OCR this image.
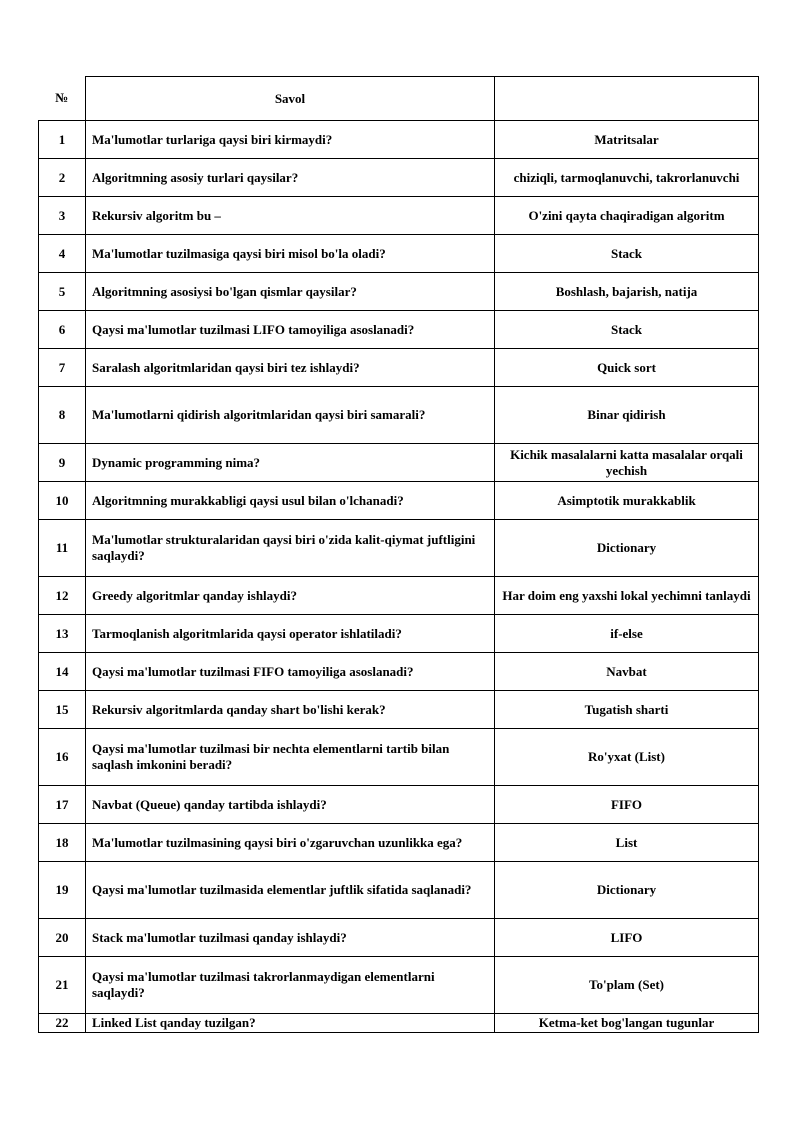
№	Savol	
1	Ma'lumotlar turlariga qaysi biri kirmaydi?	Matritsalar
2	Algoritmning asosiy turlari qaysilar?	chiziqli, tarmoqlanuvchi, takrorlanuvchi
3	Rekursiv algoritm bu –	O'zini qayta chaqiradigan algoritm
4	Ma'lumotlar tuzilmasiga qaysi biri misol bo'la oladi?	Stack
5	Algoritmning asosiysi bo'lgan qismlar qaysilar?	Boshlash, bajarish, natija
6	Qaysi ma'lumotlar tuzilmasi LIFO tamoyiliga asoslanadi?	Stack
7	Saralash algoritmlaridan qaysi biri tez ishlaydi?	Quick sort
8	Ma'lumotlarni qidirish algoritmlaridan qaysi biri samarali?	Binar qidirish
9	Dynamic programming nima?	Kichik masalalarni katta masalalar orqali yechish
10	Algoritmning murakkabligi qaysi usul bilan o'lchanadi?	Asimptotik murakkablik
11	Ma'lumotlar strukturalaridan qaysi biri o'zida kalit-qiymat juftligini saqlaydi?	Dictionary
12	Greedy algoritmlar qanday ishlaydi?	Har doim eng yaxshi lokal yechimni tanlaydi
13	Tarmoqlanish algoritmlarida qaysi operator ishlatiladi?	if-else
14	Qaysi ma'lumotlar tuzilmasi FIFO tamoyiliga asoslanadi?	Navbat
15	Rekursiv algoritmlarda qanday shart bo'lishi kerak?	Tugatish sharti
16	Qaysi ma'lumotlar tuzilmasi bir nechta elementlarni tartib bilan saqlash imkonini beradi?	Ro'yxat (List)
17	Navbat (Queue) qanday tartibda ishlaydi?	FIFO
18	Ma'lumotlar tuzilmasining qaysi biri o'zgaruvchan uzunlikka ega?	List
19	Qaysi ma'lumotlar tuzilmasida elementlar juftlik sifatida saqlanadi?	Dictionary
20	Stack ma'lumotlar tuzilmasi qanday ishlaydi?	LIFO
21	Qaysi ma'lumotlar tuzilmasi takrorlanmaydigan elementlarni saqlaydi?	To'plam (Set)
22	Linked List qanday tuzilgan?	Ketma-ket bog'langan tugunlar
